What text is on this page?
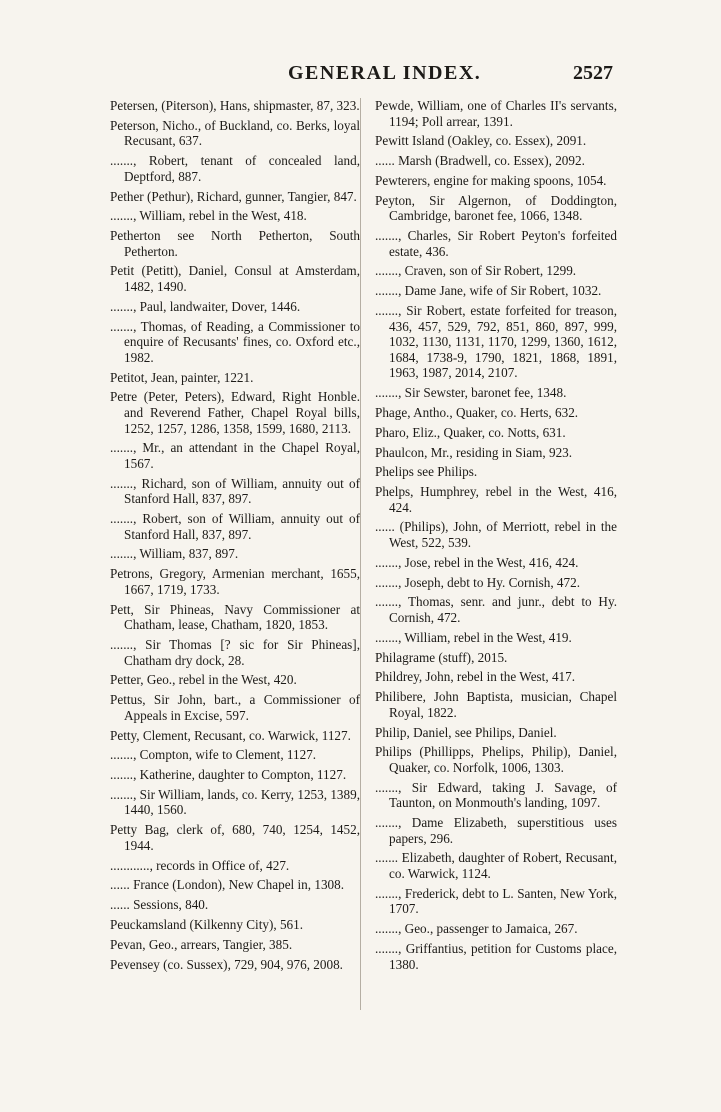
GENERAL INDEX.	2527
Petersen, (Piterson), Hans, shipmaster, 87, 323.
Peterson, Nicho., of Buckland, co. Berks, loyal Recusant, 637.
......., Robert, tenant of concealed land, Deptford, 887.
Pether (Pethur), Richard, gunner, Tangier, 847.
......., William, rebel in the West, 418.
Petherton see North Petherton, South Petherton.
Petit (Petitt), Daniel, Consul at Amsterdam, 1482, 1490.
......., Paul, landwaiter, Dover, 1446.
......., Thomas, of Reading, a Commissioner to enquire of Recusants' fines, co. Oxford etc., 1982.
Petitot, Jean, painter, 1221.
Petre (Peter, Peters), Edward, Right Honble. and Reverend Father, Chapel Royal bills, 1252, 1257, 1286, 1358, 1599, 1680, 2113.
......., Mr., an attendant in the Chapel Royal, 1567.
......., Richard, son of William, annuity out of Stanford Hall, 837, 897.
......., Robert, son of William, annuity out of Stanford Hall, 837, 897.
......., William, 837, 897.
Petrons, Gregory, Armenian merchant, 1655, 1667, 1719, 1733.
Pett, Sir Phineas, Navy Commissioner at Chatham, lease, Chatham, 1820, 1853.
......., Sir Thomas [? sic for Sir Phineas], Chatham dry dock, 28.
Petter, Geo., rebel in the West, 420.
Pettus, Sir John, bart., a Commissioner of Appeals in Excise, 597.
Petty, Clement, Recusant, co. Warwick, 1127.
......., Compton, wife to Clement, 1127.
......., Katherine, daughter to Compton, 1127.
......., Sir William, lands, co. Kerry, 1253, 1389, 1440, 1560.
Petty Bag, clerk of, 680, 740, 1254, 1452, 1944.
............, records in Office of, 427.
...... France (London), New Chapel in, 1308.
...... Sessions, 840.
Peuckamsland (Kilkenny City), 561.
Pevan, Geo., arrears, Tangier, 385.
Pevensey (co. Sussex), 729, 904, 976, 2008.
Pewde, William, one of Charles II's servants, 1194; Poll arrear, 1391.
Pewitt Island (Oakley, co. Essex), 2091.
...... Marsh (Bradwell, co. Essex), 2092.
Pewterers, engine for making spoons, 1054.
Peyton, Sir Algernon, of Doddington, Cambridge, baronet fee, 1066, 1348.
......., Charles, Sir Robert Peyton's forfeited estate, 436.
......., Craven, son of Sir Robert, 1299.
......., Dame Jane, wife of Sir Robert, 1032.
......., Sir Robert, estate forfeited for treason, 436, 457, 529, 792, 851, 860, 897, 999, 1032, 1130, 1131, 1170, 1299, 1360, 1612, 1684, 1738-9, 1790, 1821, 1868, 1891, 1963, 1987, 2014, 2107.
......., Sir Sewster, baronet fee, 1348.
Phage, Antho., Quaker, co. Herts, 632.
Pharo, Eliz., Quaker, co. Notts, 631.
Phaulcon, Mr., residing in Siam, 923.
Phelips see Philips.
Phelps, Humphrey, rebel in the West, 416, 424.
...... (Philips), John, of Merriott, rebel in the West, 522, 539.
......., Jose, rebel in the West, 416, 424.
......., Joseph, debt to Hy. Cornish, 472.
......., Thomas, senr. and junr., debt to Hy. Cornish, 472.
......., William, rebel in the West, 419.
Philagrame (stuff), 2015.
Phildrey, John, rebel in the West, 417.
Philibere, John Baptista, musician, Chapel Royal, 1822.
Philip, Daniel, see Philips, Daniel.
Philips (Phillipps, Phelips, Philip), Daniel, Quaker, co. Norfolk, 1006, 1303.
......., Sir Edward, taking J. Savage, of Taunton, on Monmouth's landing, 1097.
......., Dame Elizabeth, superstitious uses papers, 296.
....... Elizabeth, daughter of Robert, Recusant, co. Warwick, 1124.
......., Frederick, debt to L. Santen, New York, 1707.
......., Geo., passenger to Jamaica, 267.
......., Griffantius, petition for Customs place, 1380.
